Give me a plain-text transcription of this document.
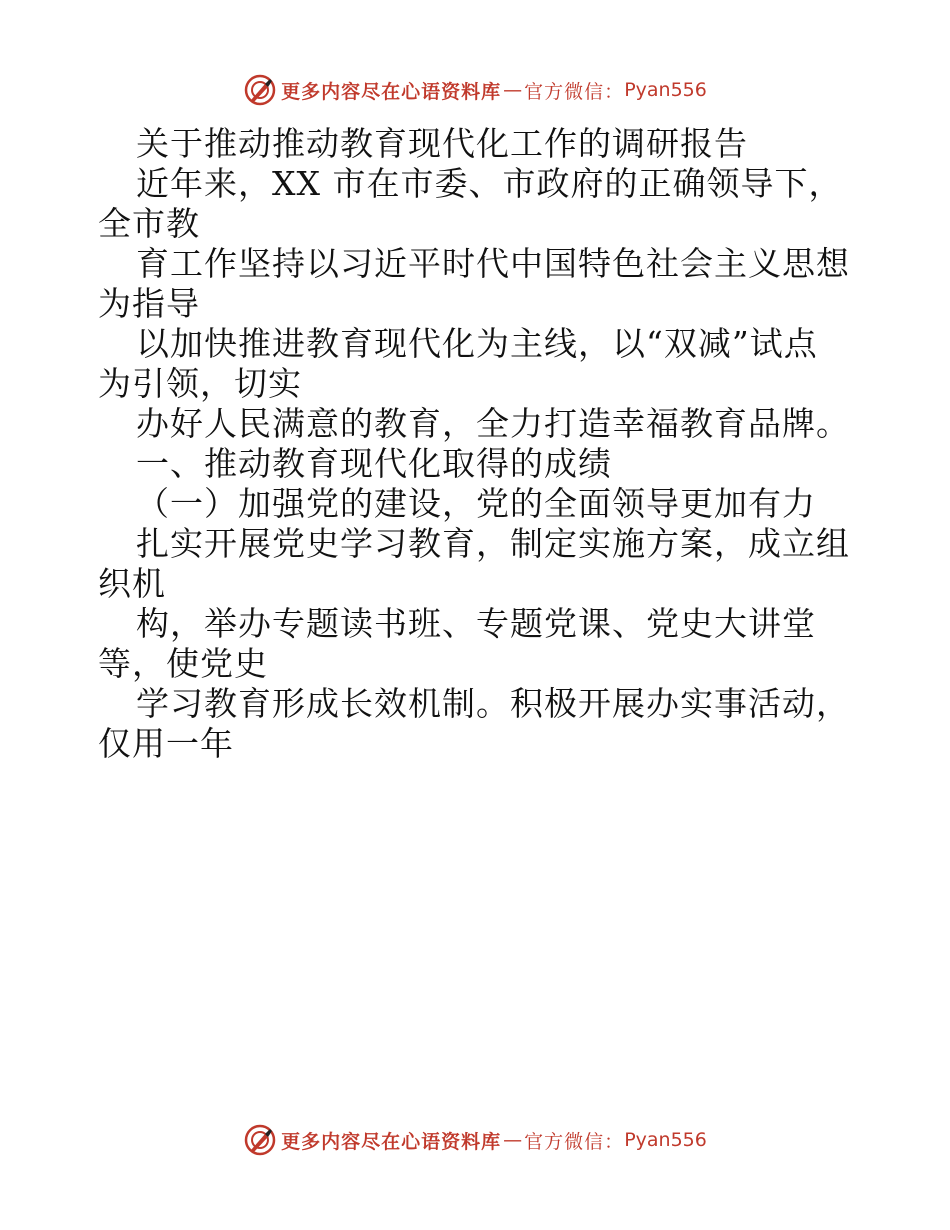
更多内容尽在心语资料库 — 官方微信： Pyan556
关于推动推动教育现代化工作的调研报告
近年来，XX 市在市委、市政府的正确领导下，
全市教
育工作坚持以习近平时代中国特色社会主义思想
为指导
以加快推进教育现代化为主线，以“双减”试点
为引领，切实
办好人民满意的教育，全力打造幸福教育品牌。
一、推动教育现代化取得的成绩
（一）加强党的建设，党的全面领导更加有力
扎实开展党史学习教育，制定实施方案，成立组
织机
构，举办专题读书班、专题党课、党史大讲堂
等，使党史
学习教育形成长效机制。积极开展办实事活动，
仅用一年
更多内容尽在心语资料库 — 官方微信： Pyan556
